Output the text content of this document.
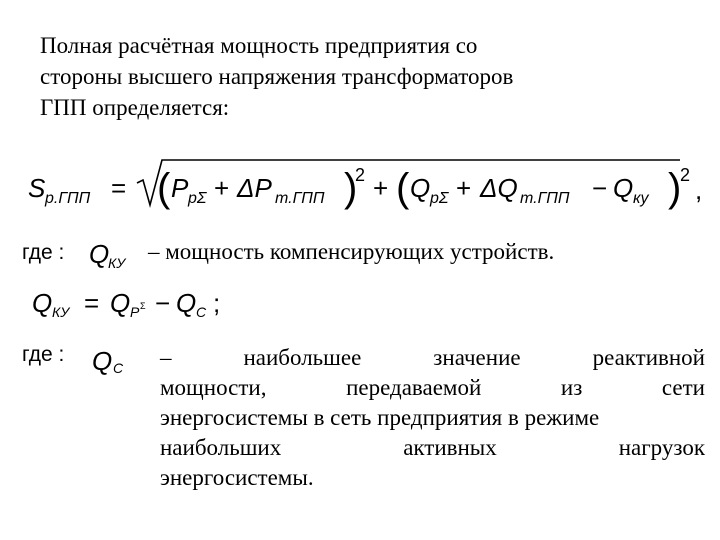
Полная расчётная мощность предприятия со
стороны высшего напряжения трансформаторов
ГПП определяется:
S р.ГПП = (	) (	)
P рΣ + ΔP т.ГПП
2 + Q рΣ + ΔQ т.ГПП − Q ку
2 ,
где : Q
КУ – мощность компенсирующих устройств.
Q КУ = Q P Σ − Q C ;
где : Q С –	наибольшее	значение	реактивной
мощности,	передаваемой	из	сети
энергосистемы в сеть предприятия в режиме
наибольших	активных	нагрузок
энергосистемы.
